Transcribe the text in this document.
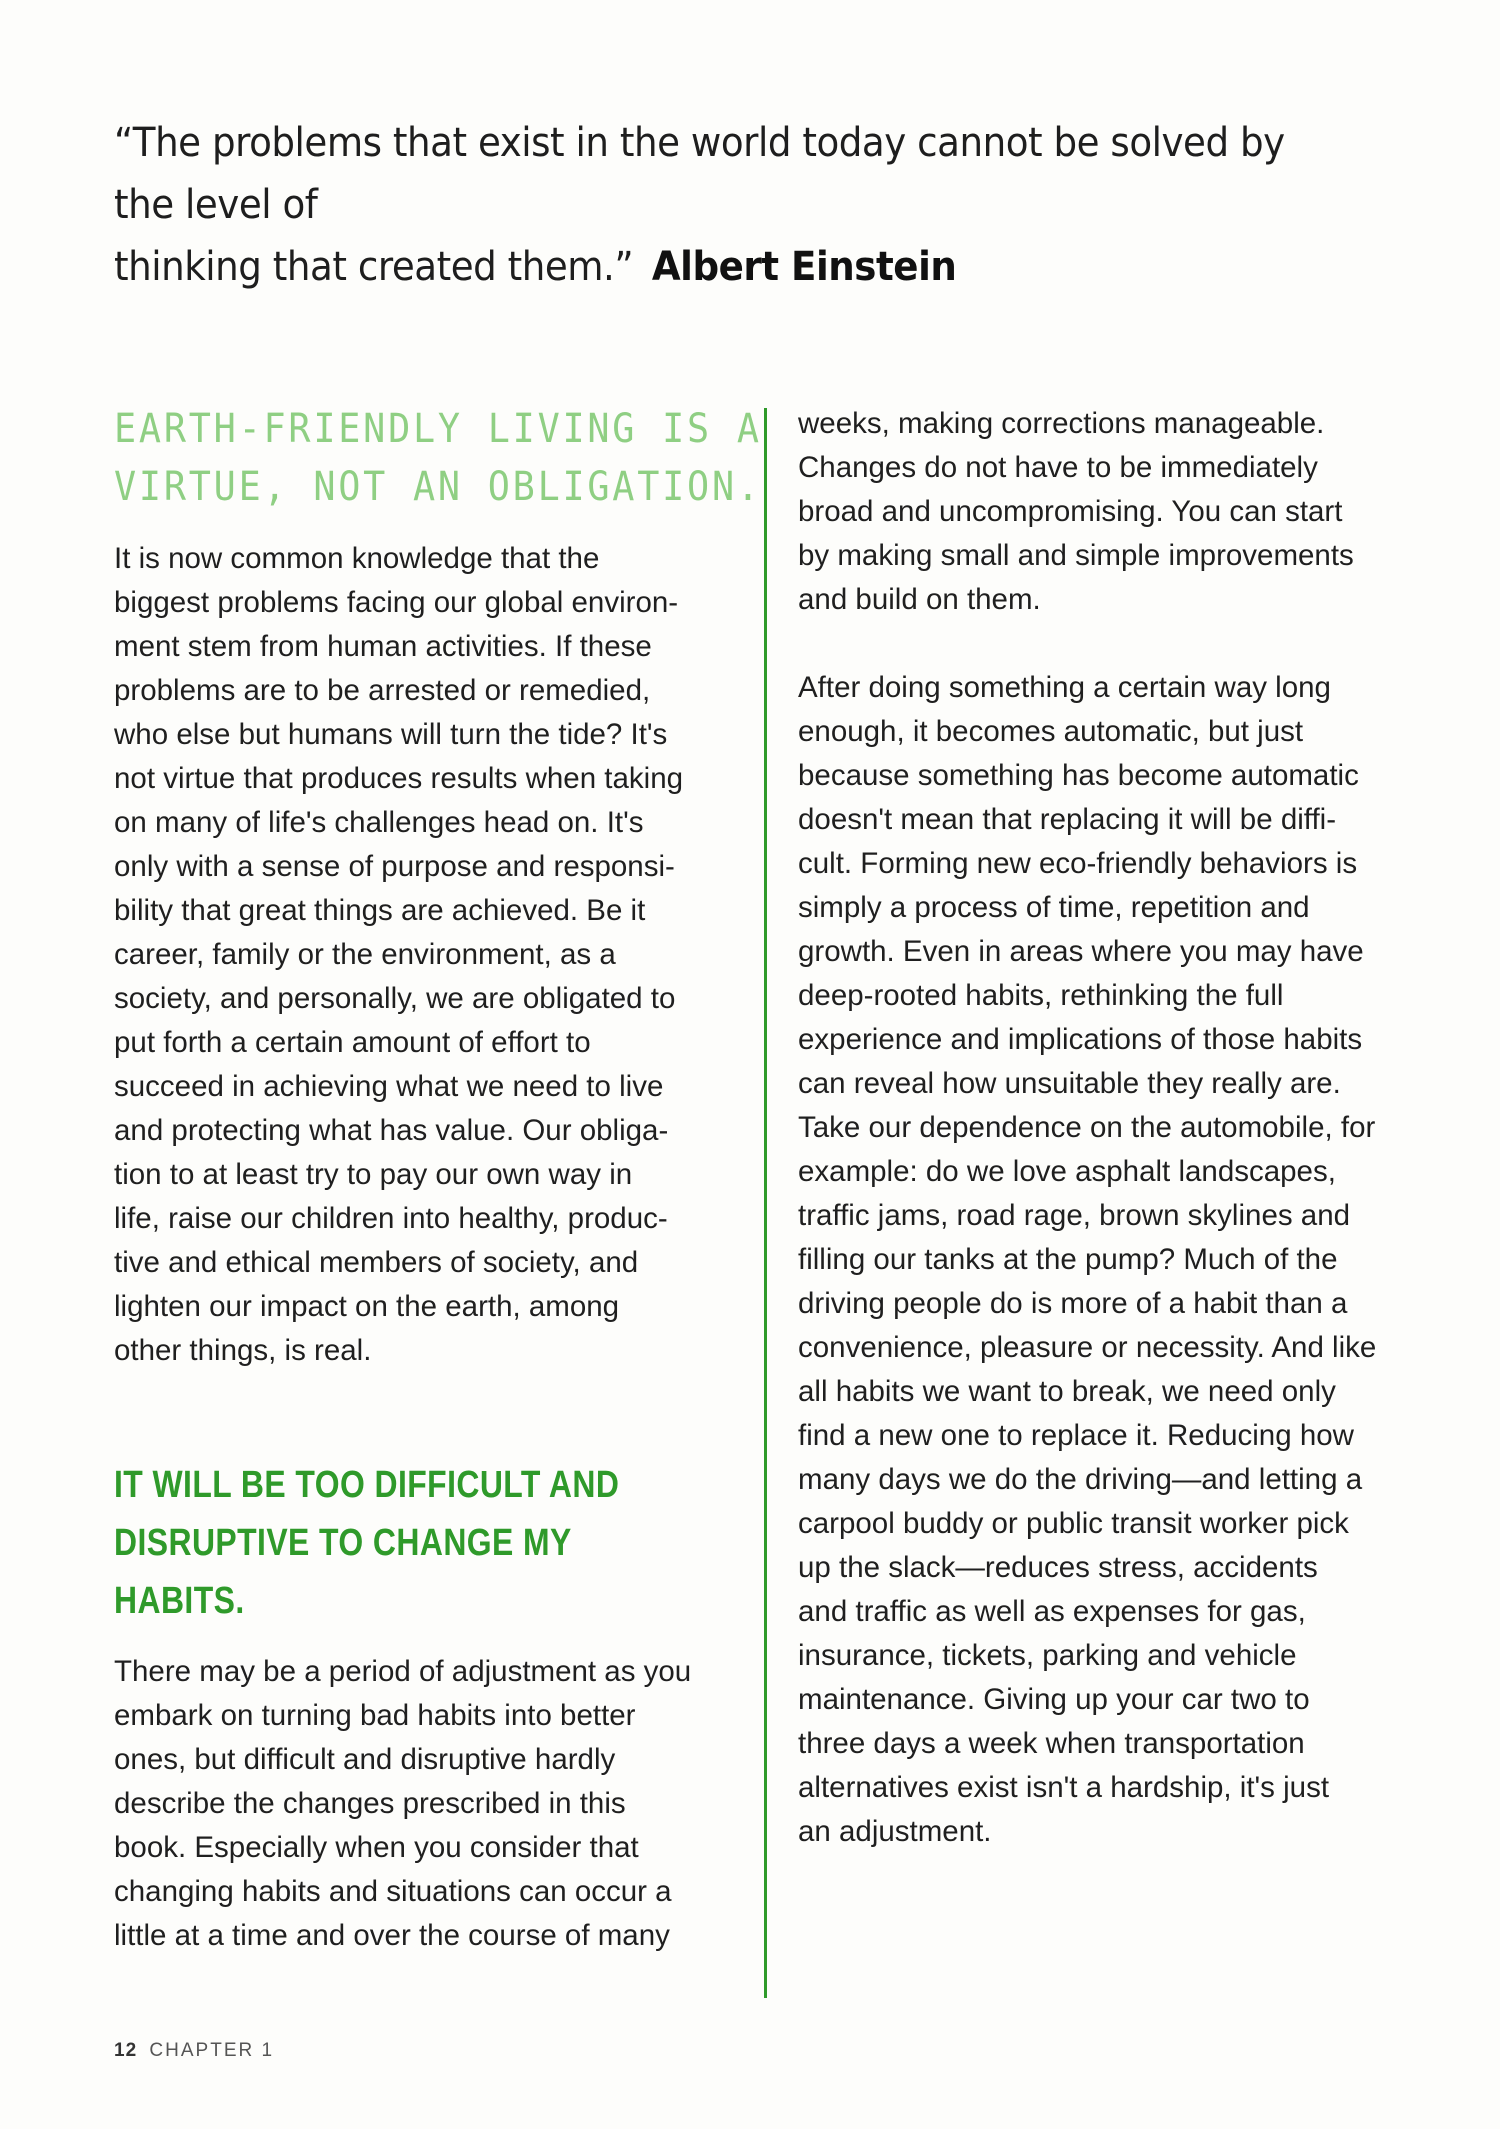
“The problems that exist in the world today cannot be solved by the level of
thinking that created them.” Albert Einstein
EARTH-FRIENDLY LIVING IS A
VIRTUE, NOT AN OBLIGATION.

It is now common knowledge that the
biggest problems facing our global environ-
ment stem from human activities. If these
problems are to be arrested or remedied,
who else but humans will turn the tide? It's
not virtue that produces results when taking
on many of life's challenges head on. It's
only with a sense of purpose and responsi-
bility that great things are achieved. Be it
career, family or the environment, as a
society, and personally, we are obligated to
put forth a certain amount of effort to
succeed in achieving what we need to live
and protecting what has value. Our obliga-
tion to at least try to pay our own way in
life, raise our children into healthy, produc-
tive and ethical members of society, and
lighten our impact on the earth, among
other things, is real.

IT WILL BE TOO DIFFICULT AND
DISRUPTIVE TO CHANGE MY
HABITS.

There may be a period of adjustment as you
embark on turning bad habits into better
ones, but difficult and disruptive hardly
describe the changes prescribed in this
book. Especially when you consider that
changing habits and situations can occur a
little at a time and over the course of many

weeks, making corrections manageable.
Changes do not have to be immediately
broad and uncompromising. You can start
by making small and simple improvements
and build on them.

After doing something a certain way long
enough, it becomes automatic, but just
because something has become automatic
doesn't mean that replacing it will be diffi-
cult. Forming new eco-friendly behaviors is
simply a process of time, repetition and
growth. Even in areas where you may have
deep-rooted habits, rethinking the full
experience and implications of those habits
can reveal how unsuitable they really are.
Take our dependence on the automobile, for
example: do we love asphalt landscapes,
traffic jams, road rage, brown skylines and
filling our tanks at the pump? Much of the
driving people do is more of a habit than a
convenience, pleasure or necessity. And like
all habits we want to break, we need only
find a new one to replace it. Reducing how
many days we do the driving—and letting a
carpool buddy or public transit worker pick
up the slack—reduces stress, accidents
and traffic as well as expenses for gas,
insurance, tickets, parking and vehicle
maintenance. Giving up your car two to
three days a week when transportation
alternatives exist isn't a hardship, it's just
an adjustment.

12 CHAPTER 1
